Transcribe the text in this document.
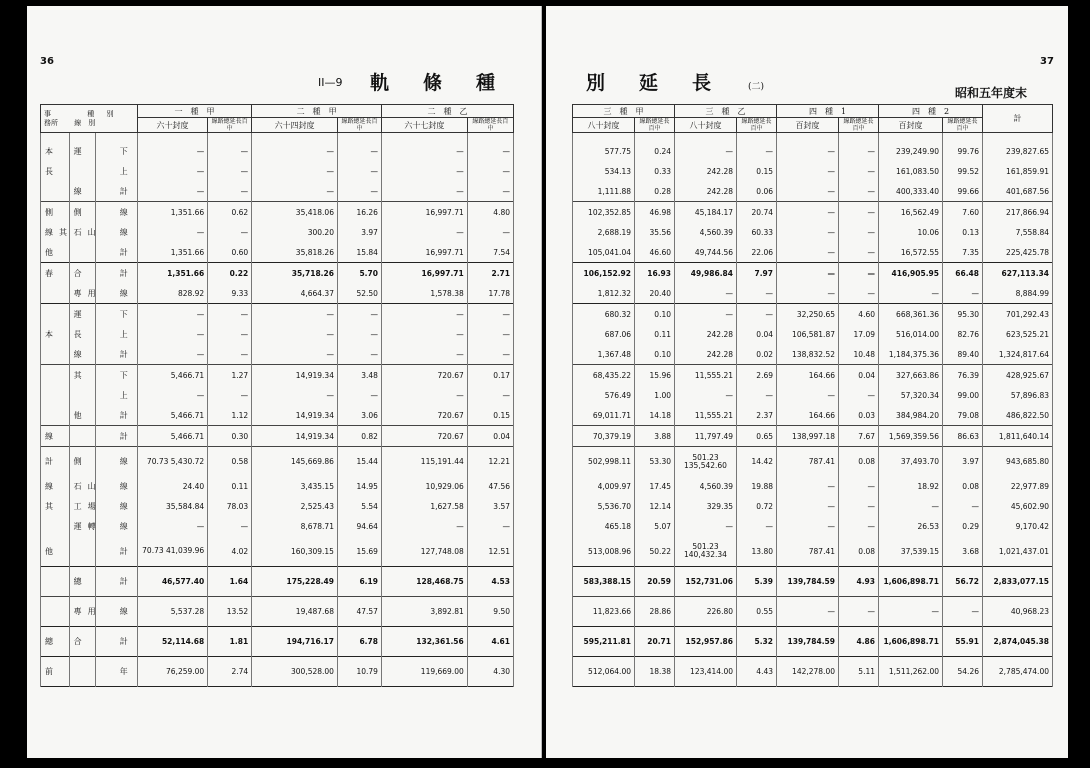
36
II—9 軌條種	別延長 (二)
37
昭和五年度末
事 種 別
務所 線　別			一　種　 甲		二　種　 甲		二　種　 乙	
			六十封度	線路總延長百中	六十四封度	線路總延長百中	六十七封度	線路總延長百中

本	運	下	—	—	—	—	—	—
長		上	—	—	—	—	—	—
	線	計	—	—	—	—	—	—
側	側	線	1,351.66	0.62	35,418.06	16.26	16,997.71	4.80
線其	石山	線	—	—	300.20	3.97	—	—
他		計	1,351.66	0.60	35,818.26	15.84	16,997.71	7.54
春	合	計	1,351.66	0.22	35,718.26	5.70	16,997.71	2.71
	專用	線	828.92	9.33	4,664.37	52.50	1,578.38	17.78
	運	下	—	—	—	—	—	—
本	長	上	—	—	—	—	—	—
	線	計	—	—	—	—	—	—
	其	下	5,466.71	1.27	14,919.34	3.48	720.67	0.17
		上	—	—	—	—	—	—
	他	計	5,466.71	1.12	14,919.34	3.06	720.67	0.15
線		計	5,466.71	0.30	14,919.34	0.82	720.67	0.04
計	側	線	70.73 5,430.72	0.58	145,669.86	15.44	115,191.44	12.21
線	石山	線	24.40	0.11	3,435.15	14.95	10,929.06	47.56
其	工場	線	35,584.84	78.03	2,525.43	5.54	1,627.58	3.57
	運轉	線	—	—	8,678.71	94.64	—	—
他		計	70.73 41,039.96	4.02	160,309.15	15.69	127,748.08	12.51
	總	計	46,577.40	1.64	175,228.49	6.19	128,468.75	4.53
	專用	線	5,537.28	13.52	19,487.68	47.57	3,892.81	9.50
總	合	計	52,114.68	1.81	194,716.17	6.78	132,361.56	4.61
前		年	76,259.00	2.74	300,528.00	10.79	119,669.00	4.30
三　種　 甲		三　種　 乙		四　種　 1		四　種　 2		計
八十封度	線路總延長百中	八十封度	線路總延長百中	百封度	線路總延長百中	百封度	線路總延長百中	

577.75	0.24	—	—	—	—	239,249.90	99.76	239,827.65
534.13	0.33	242.28	0.15	—	—	161,083.50	99.52	161,859.91
1,111.88	0.28	242.28	0.06	—	—	400,333.40	99.66	401,687.56
102,352.85	46.98	45,184.17	20.74	—	—	16,562.49	7.60	217,866.94
2,688.19	35.56	4,560.39	60.33	—	—	10.06	0.13	7,558.84
105,041.04	46.60	49,744.56	22.06	—	—	16,572.55	7.35	225,425.78
106,152.92	16.93	49,986.84	7.97	—	—	416,905.95	66.48	627,113.34
1,812.32	20.40	—	—	—	—	—	—	8,884.99
680.32	0.10	—	—	32,250.65	4.60	668,361.36	95.30	701,292.43
687.06	0.11	242.28	0.04	106,581.87	17.09	516,014.00	82.76	623,525.21
1,367.48	0.10	242.28	0.02	138,832.52	10.48	1,184,375.36	89.40	1,324,817.64
68,435.22	15.96	11,555.21	2.69	164.66	0.04	327,663.86	76.39	428,925.67
576.49	1.00	—	—	—	—	57,320.34	99.00	57,896.83
69,011.71	14.18	11,555.21	2.37	164.66	0.03	384,984.20	79.08	486,822.50
70,379.19	3.88	11,797.49	0.65	138,997.18	7.67	1,569,359.56	86.63	1,811,640.14
502,998.11	53.30	501.23 135,542.60	14.42	787.41	0.08	37,493.70	3.97	943,685.80
4,009.97	17.45	4,560.39	19.88	—	—	18.92	0.08	22,977.89
5,536.70	12.14	329.35	0.72	—	—	—	—	45,602.90
465.18	5.07	—	—	—	—	26.53	0.29	9,170.42
513,008.96	50.22	501.23 140,432.34	13.80	787.41	0.08	37,539.15	3.68	1,021,437.01
583,388.15	20.59	152,731.06	5.39	139,784.59	4.93	1,606,898.71	56.72	2,833,077.15
11,823.66	28.86	226.80	0.55	—	—	—	—	40,968.23
595,211.81	20.71	152,957.86	5.32	139,784.59	4.86	1,606,898.71	55.91	2,874,045.38
512,064.00	18.38	123,414.00	4.43	142,278.00	5.11	1,511,262.00	54.26	2,785,474.00
